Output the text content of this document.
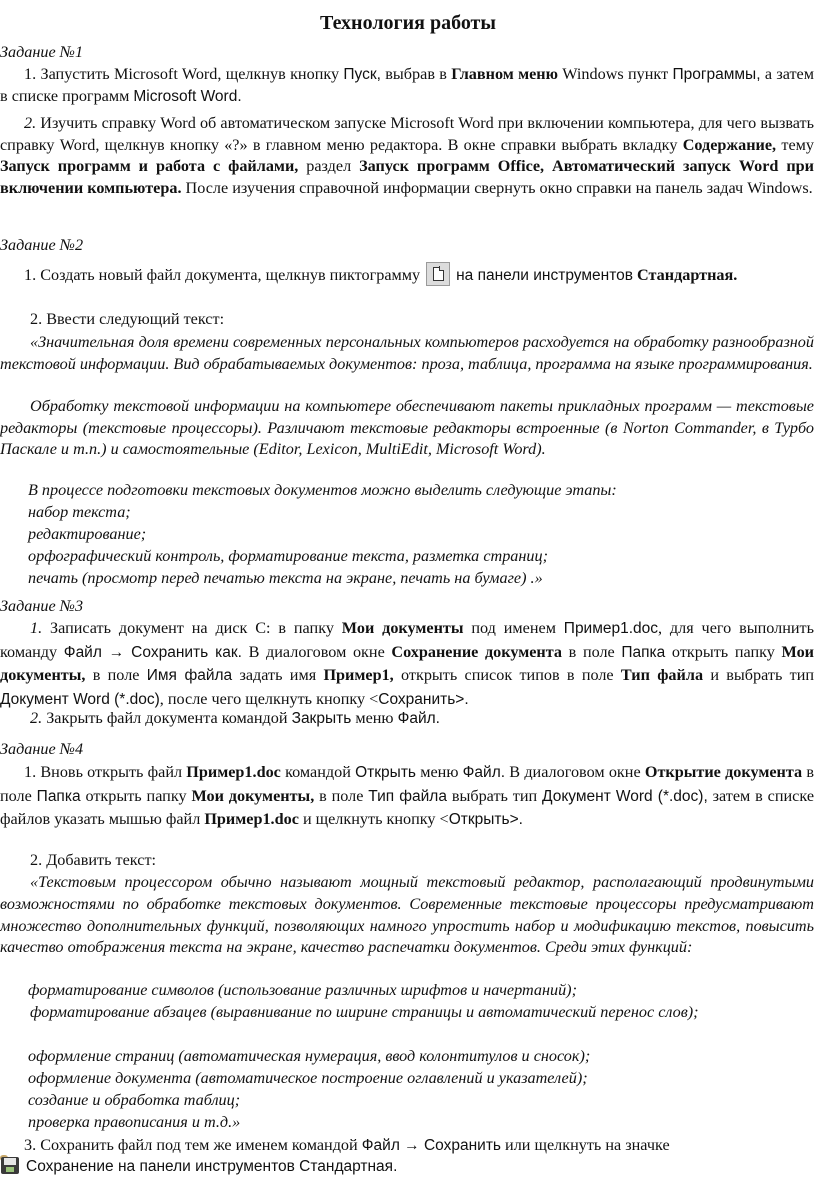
Технология работы
Задание №1
1. Запустить Microsoft Word, щелкнув кнопку Пуск, выбрав в Главном меню Windows пункт Программы, а затем в списке программ Microsoft Word.
2. Изучить справку Word об автоматическом запуске Microsoft Word при включении компьютера, для чего вызвать справку Word, щелкнув кнопку «?» в главном меню редактора. В окне справки выбрать вкладку Содержание, тему Запуск программ и работа с файлами, раздел Запуск программ Office, Автоматический запуск Word при включении компьютера. После изучения справочной информации свернуть окно справки на панель задач Windows.
Задание №2
1. Создать новый файл документа, щелкнув пиктограмму на панели инструментов Стандартная.
2. Ввести следующий текст:
«Значительная доля времени современных персональных компьютеров расходуется на обработку разнообразной текстовой информации. Вид обрабатываемых документов: проза, таблица, программа на языке программирования.
Обработку текстовой информации на компьютере обеспечивают пакеты прикладных программ — текстовые редакторы (текстовые процессоры). Различают текстовые редакторы встроенные (в Norton Commander, в Турбо Паскале и т.п.) и самостоятельные (Editor, Lexicon, MultiEdit, Microsoft Word).
В процессе подготовки текстовых документов можно выделить следующие этапы:
набор текста;
редактирование;
орфографический контроль, форматирование текста, разметка страниц;
печать (просмотр перед печатью текста на экране, печать на бумаге) .»
Задание №3
1. Записать документ на диск С: в папку Мои документы под именем Пример1.doc, для чего выполнить команду Файл → Сохранить как. В диалоговом окне Сохранение документа в поле Папка открыть папку Мои документы, в поле Имя файла задать имя Пример1, открыть список типов в поле Тип файла и выбрать тип Документ Word (*.doc), после чего щелкнуть кнопку <Сохранить>.
2. Закрыть файл документа командой Закрыть меню Файл.
Задание №4
1. Вновь открыть файл Пример1.doc командой Открыть меню Файл. В диалоговом окне Открытие документа в поле Папка открыть папку Мои документы, в поле Тип файла выбрать тип Документ Word (*.doc), затем в списке файлов указать мышью файл Пример1.doc и щелкнуть кнопку <Открыть>.
2. Добавить текст:
«Текстовым процессором обычно называют мощный текстовый редактор, располагающий продвинутыми возможностями по обработке текстовых документов. Современные текстовые процессоры предусматривают множество дополнительных функций, позволяющих намного упростить набор и модификацию текстов, повысить качество отображения текста на экране, качество распечатки документов. Среди этих функций:
форматирование символов (использование различных шрифтов и начертаний);
форматирование абзацев (выравнивание по ширине страницы и автоматический перенос слов);
оформление страниц (автоматическая нумерация, ввод колонтитулов и сносок);
оформление документа (автоматическое построение оглавлений и указателей);
создание и обработка таблиц;
проверка правописания и т.д.»
3. Сохранить файл под тем же именем командой Файл → Сохранить или щелкнуть на значке
Сохранение на панели инструментов Стандартная.
